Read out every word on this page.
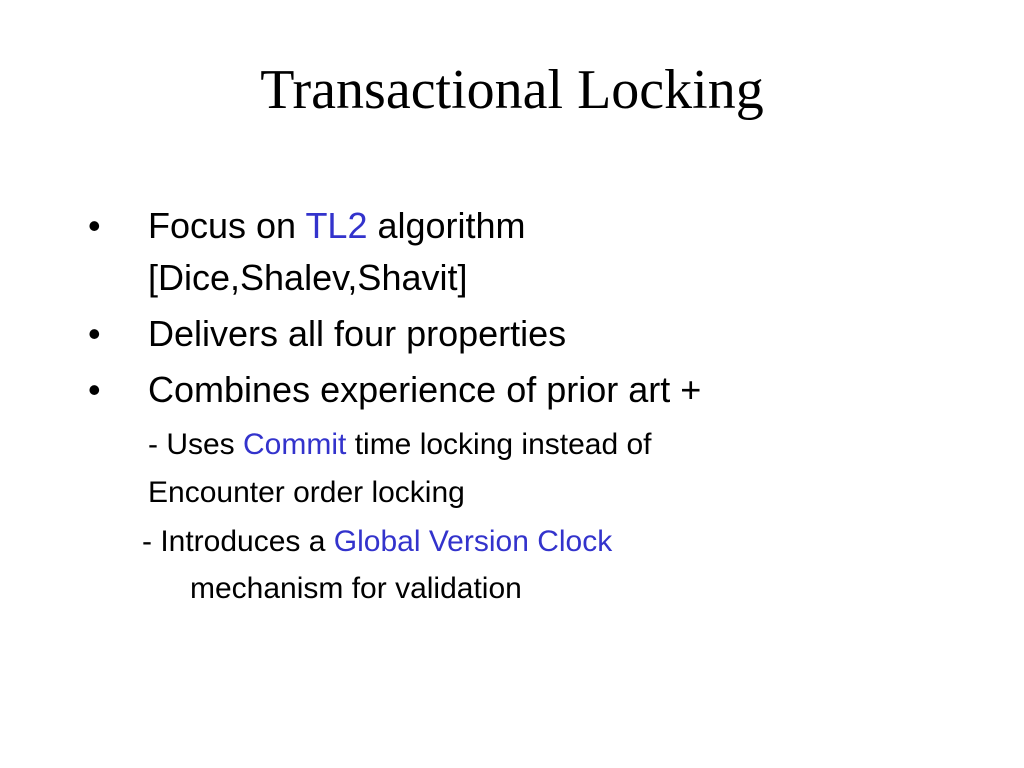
Transactional Locking
• Focus on TL2 algorithm
[Dice,Shalev,Shavit]
• Delivers all four properties
• Combines experience of prior art +
- Uses Commit time locking instead of
Encounter order locking
- Introduces a Global Version Clock
mechanism for validation
